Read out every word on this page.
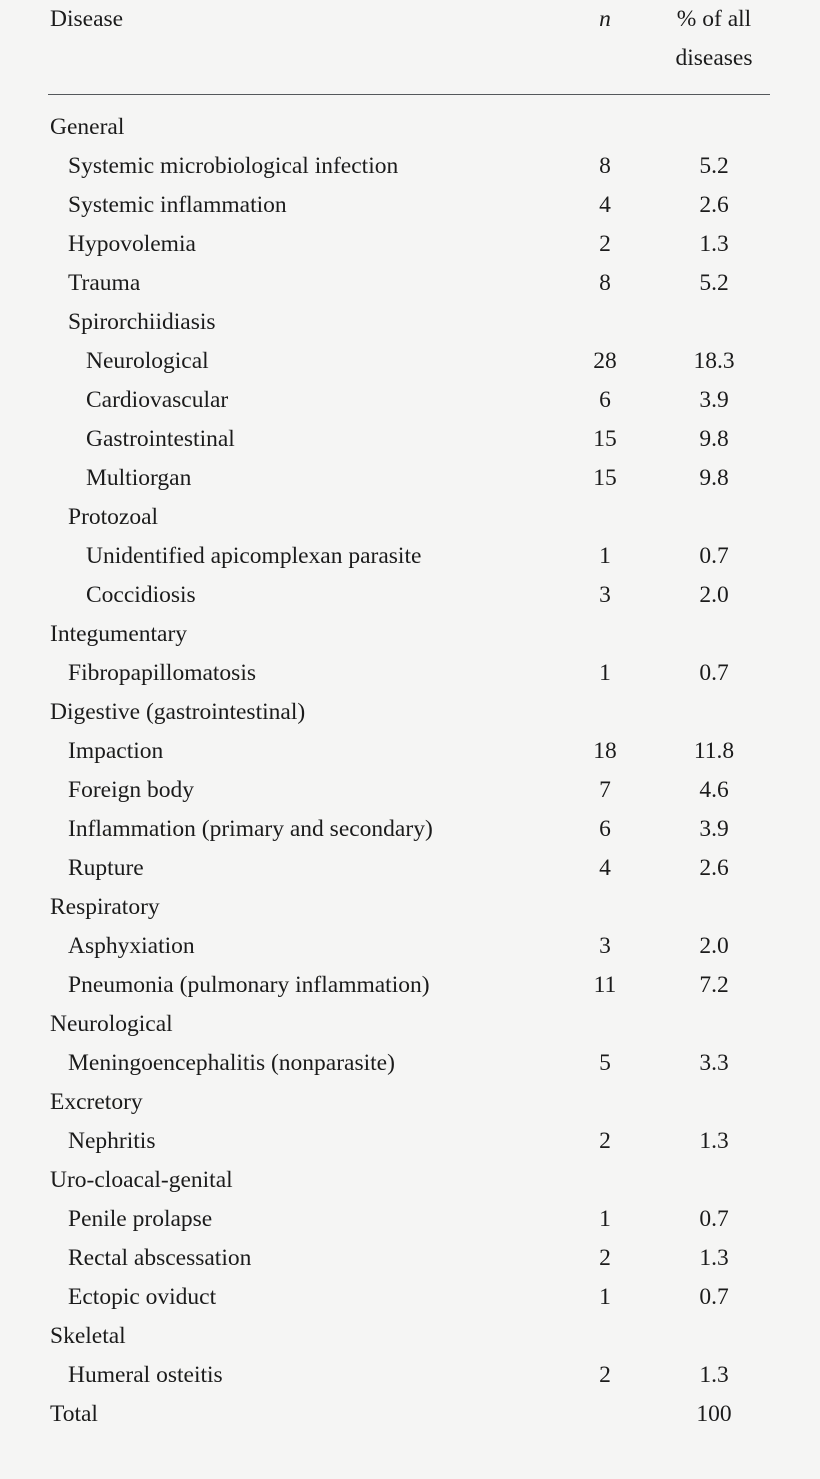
Disease	n	% of all
diseases

General		
Systemic microbiological infection	8	5.2
Systemic inflammation	4	2.6
Hypovolemia	2	1.3
Trauma	8	5.2
Spirorchiidiasis		
Neurological	28	18.3
Cardiovascular	6	3.9
Gastrointestinal	15	9.8
Multiorgan	15	9.8
Protozoal		
Unidentified apicomplexan parasite	1	0.7
Coccidiosis	3	2.0
Integumentary		
Fibropapillomatosis	1	0.7
Digestive (gastrointestinal)		
Impaction	18	11.8
Foreign body	7	4.6
Inflammation (primary and secondary)	6	3.9
Rupture	4	2.6
Respiratory		
Asphyxiation	3	2.0
Pneumonia (pulmonary inflammation)	11	7.2
Neurological		
Meningoencephalitis (nonparasite)	5	3.3
Excretory		
Nephritis	2	1.3
Uro-cloacal-genital		
Penile prolapse	1	0.7
Rectal abscessation	2	1.3
Ectopic oviduct	1	0.7
Skeletal		
Humeral osteitis	2	1.3
Total		100
